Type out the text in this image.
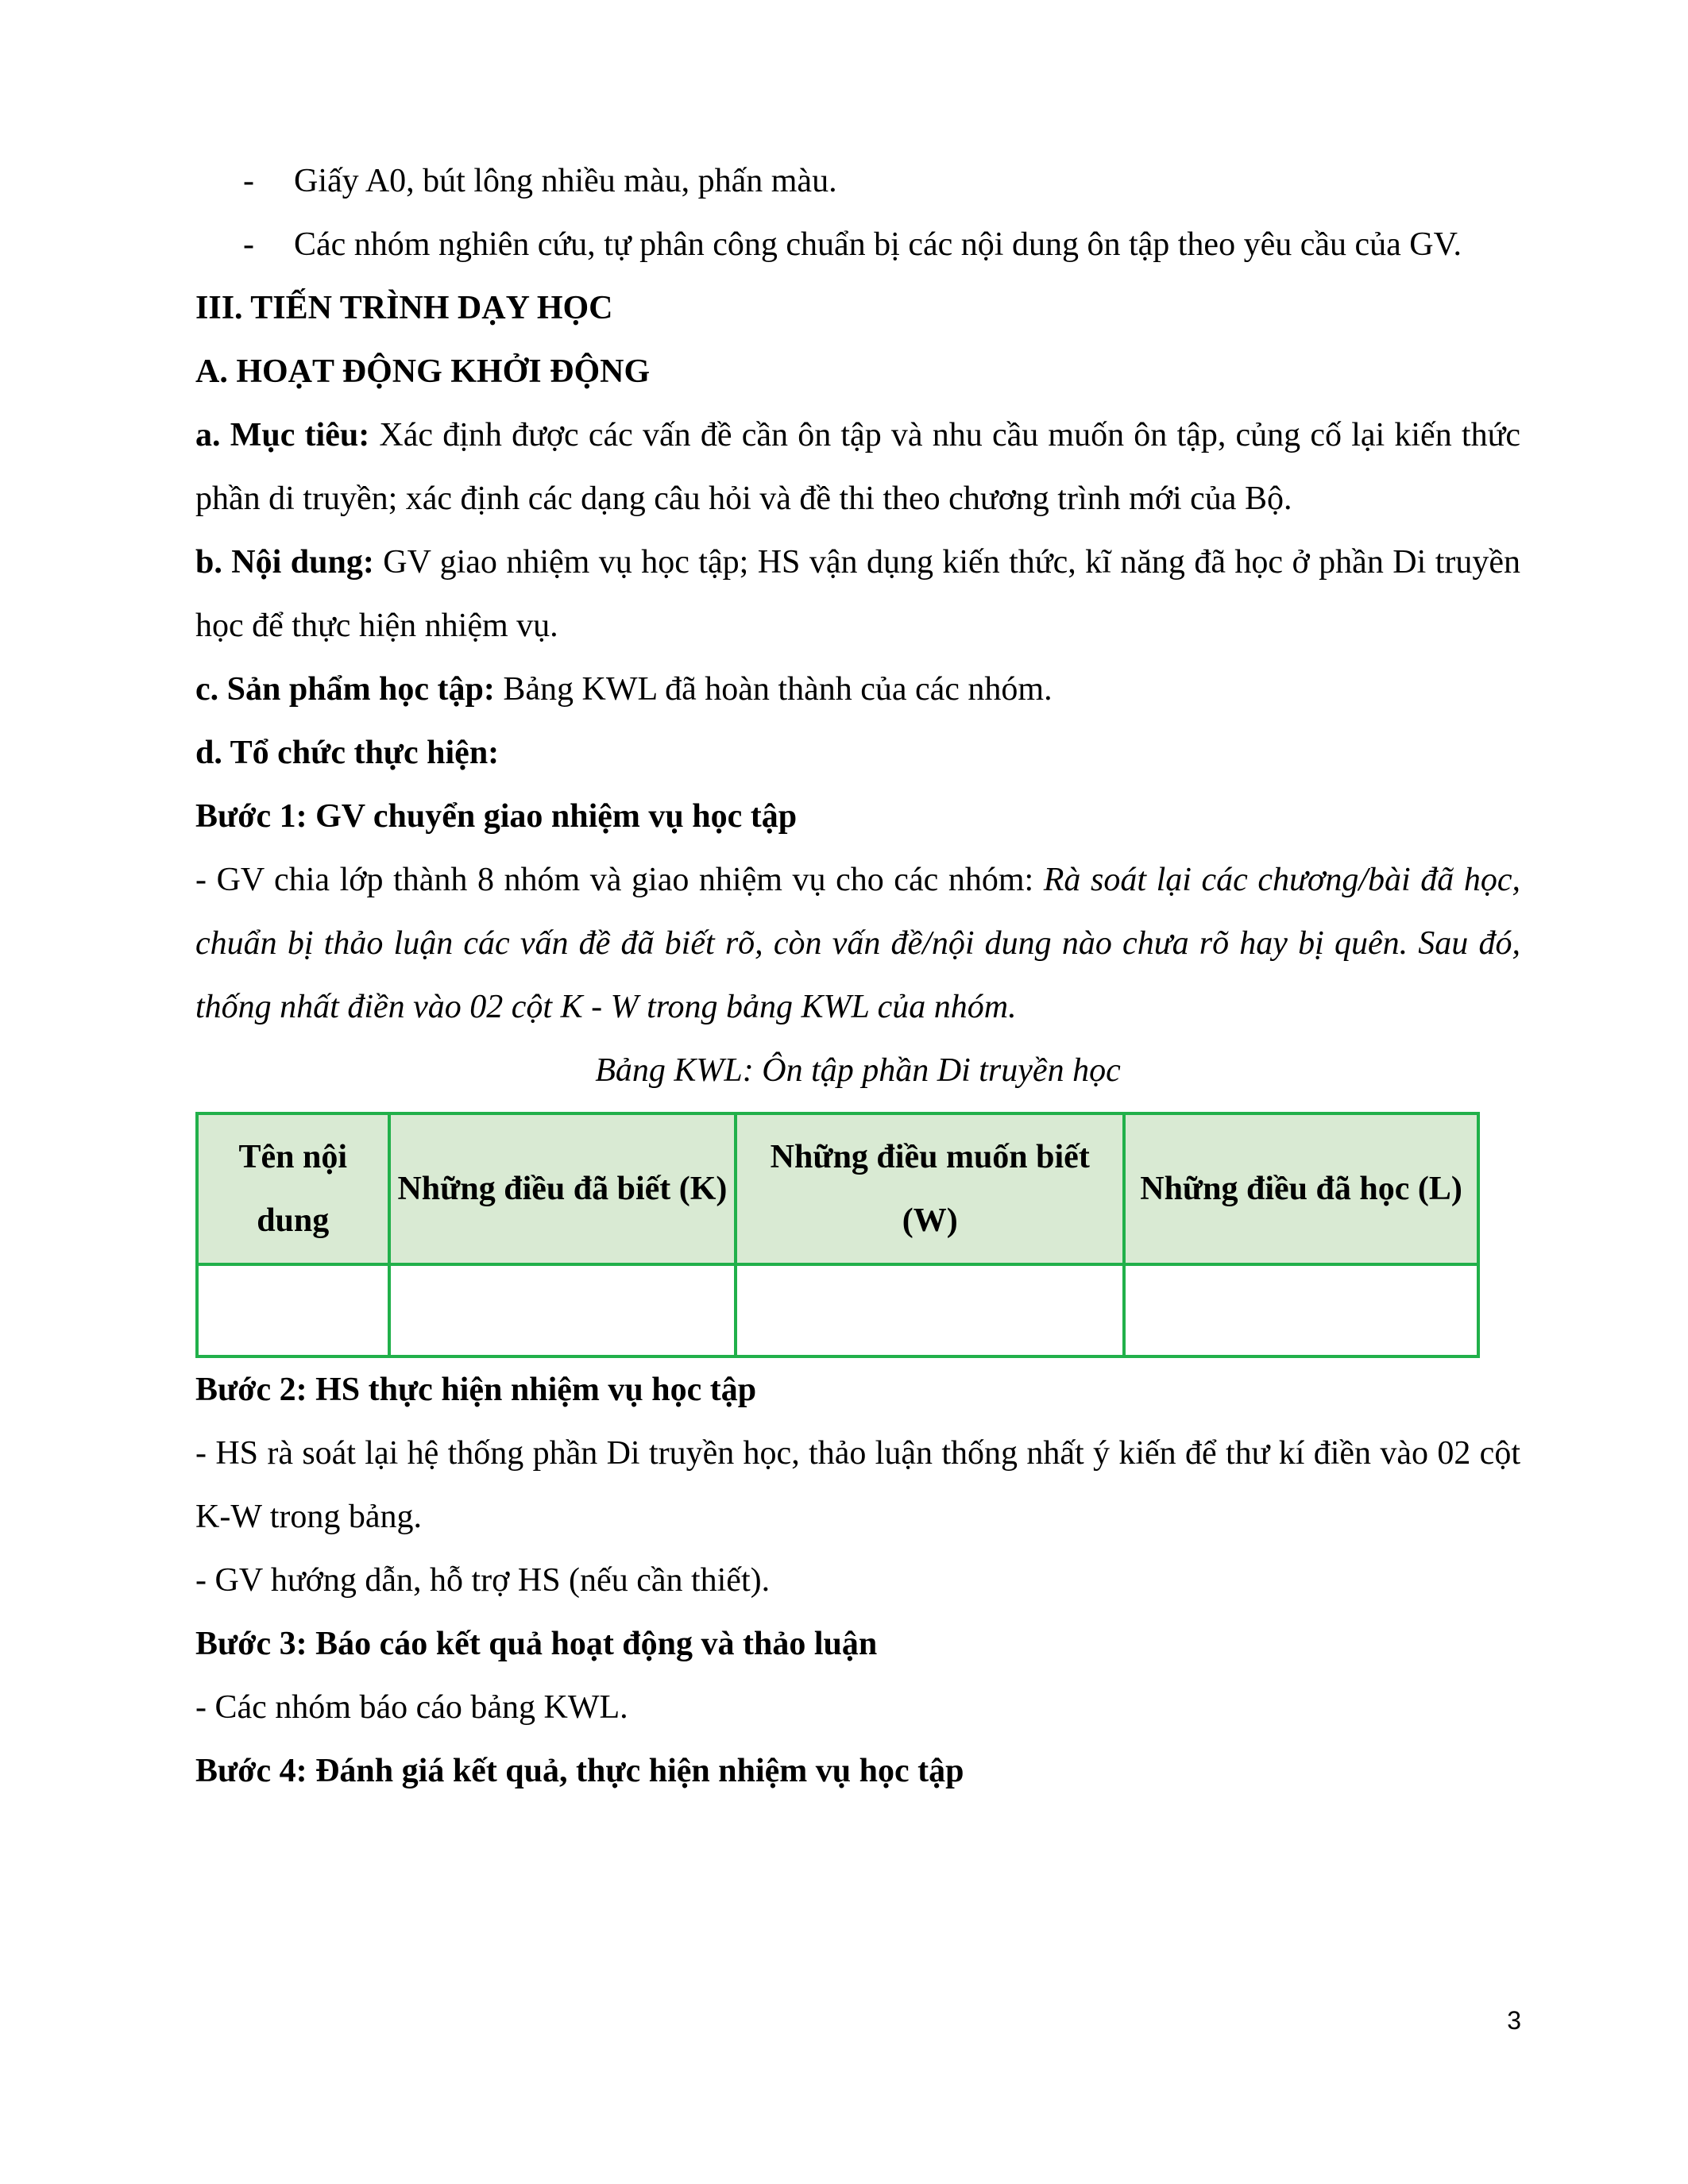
- Giấy A0, bút lông nhiều màu, phấn màu.
- Các nhóm nghiên cứu, tự phân công chuẩn bị các nội dung ôn tập theo yêu cầu của GV.

III. TIẾN TRÌNH DẠY HỌC

A. HOẠT ĐỘNG KHỞI ĐỘNG

a. Mục tiêu: Xác định được các vấn đề cần ôn tập và nhu cầu muốn ôn tập, củng cố lại kiến thức phần di truyền; xác định các dạng câu hỏi và đề thi theo chương trình mới của Bộ.

b. Nội dung: GV giao nhiệm vụ học tập; HS vận dụng kiến thức, kĩ năng đã học ở phần Di truyền học để thực hiện nhiệm vụ.

c. Sản phẩm học tập: Bảng KWL đã hoàn thành của các nhóm.

d. Tổ chức thực hiện:

Bước 1: GV chuyển giao nhiệm vụ học tập

- GV chia lớp thành 8 nhóm và giao nhiệm vụ cho các nhóm: Rà soát lại các chương/bài đã học, chuẩn bị thảo luận các vấn đề đã biết rõ, còn vấn đề/nội dung nào chưa rõ hay bị quên. Sau đó, thống nhất điền vào 02 cột K - W trong bảng KWL của nhóm.

Bảng KWL: Ôn tập phần Di truyền học

Tên nội dung	Những điều đã biết (K)	Những điều muốn biết (W)	Những điều đã học (L)

Bước 2: HS thực hiện nhiệm vụ học tập

- HS rà soát lại hệ thống phần Di truyền học, thảo luận thống nhất ý kiến để thư kí điền vào 02 cột K-W trong bảng.

- GV hướng dẫn, hỗ trợ HS (nếu cần thiết).

Bước 3: Báo cáo kết quả hoạt động và thảo luận

- Các nhóm báo cáo bảng KWL.

Bước 4: Đánh giá kết quả, thực hiện nhiệm vụ học tập

3
